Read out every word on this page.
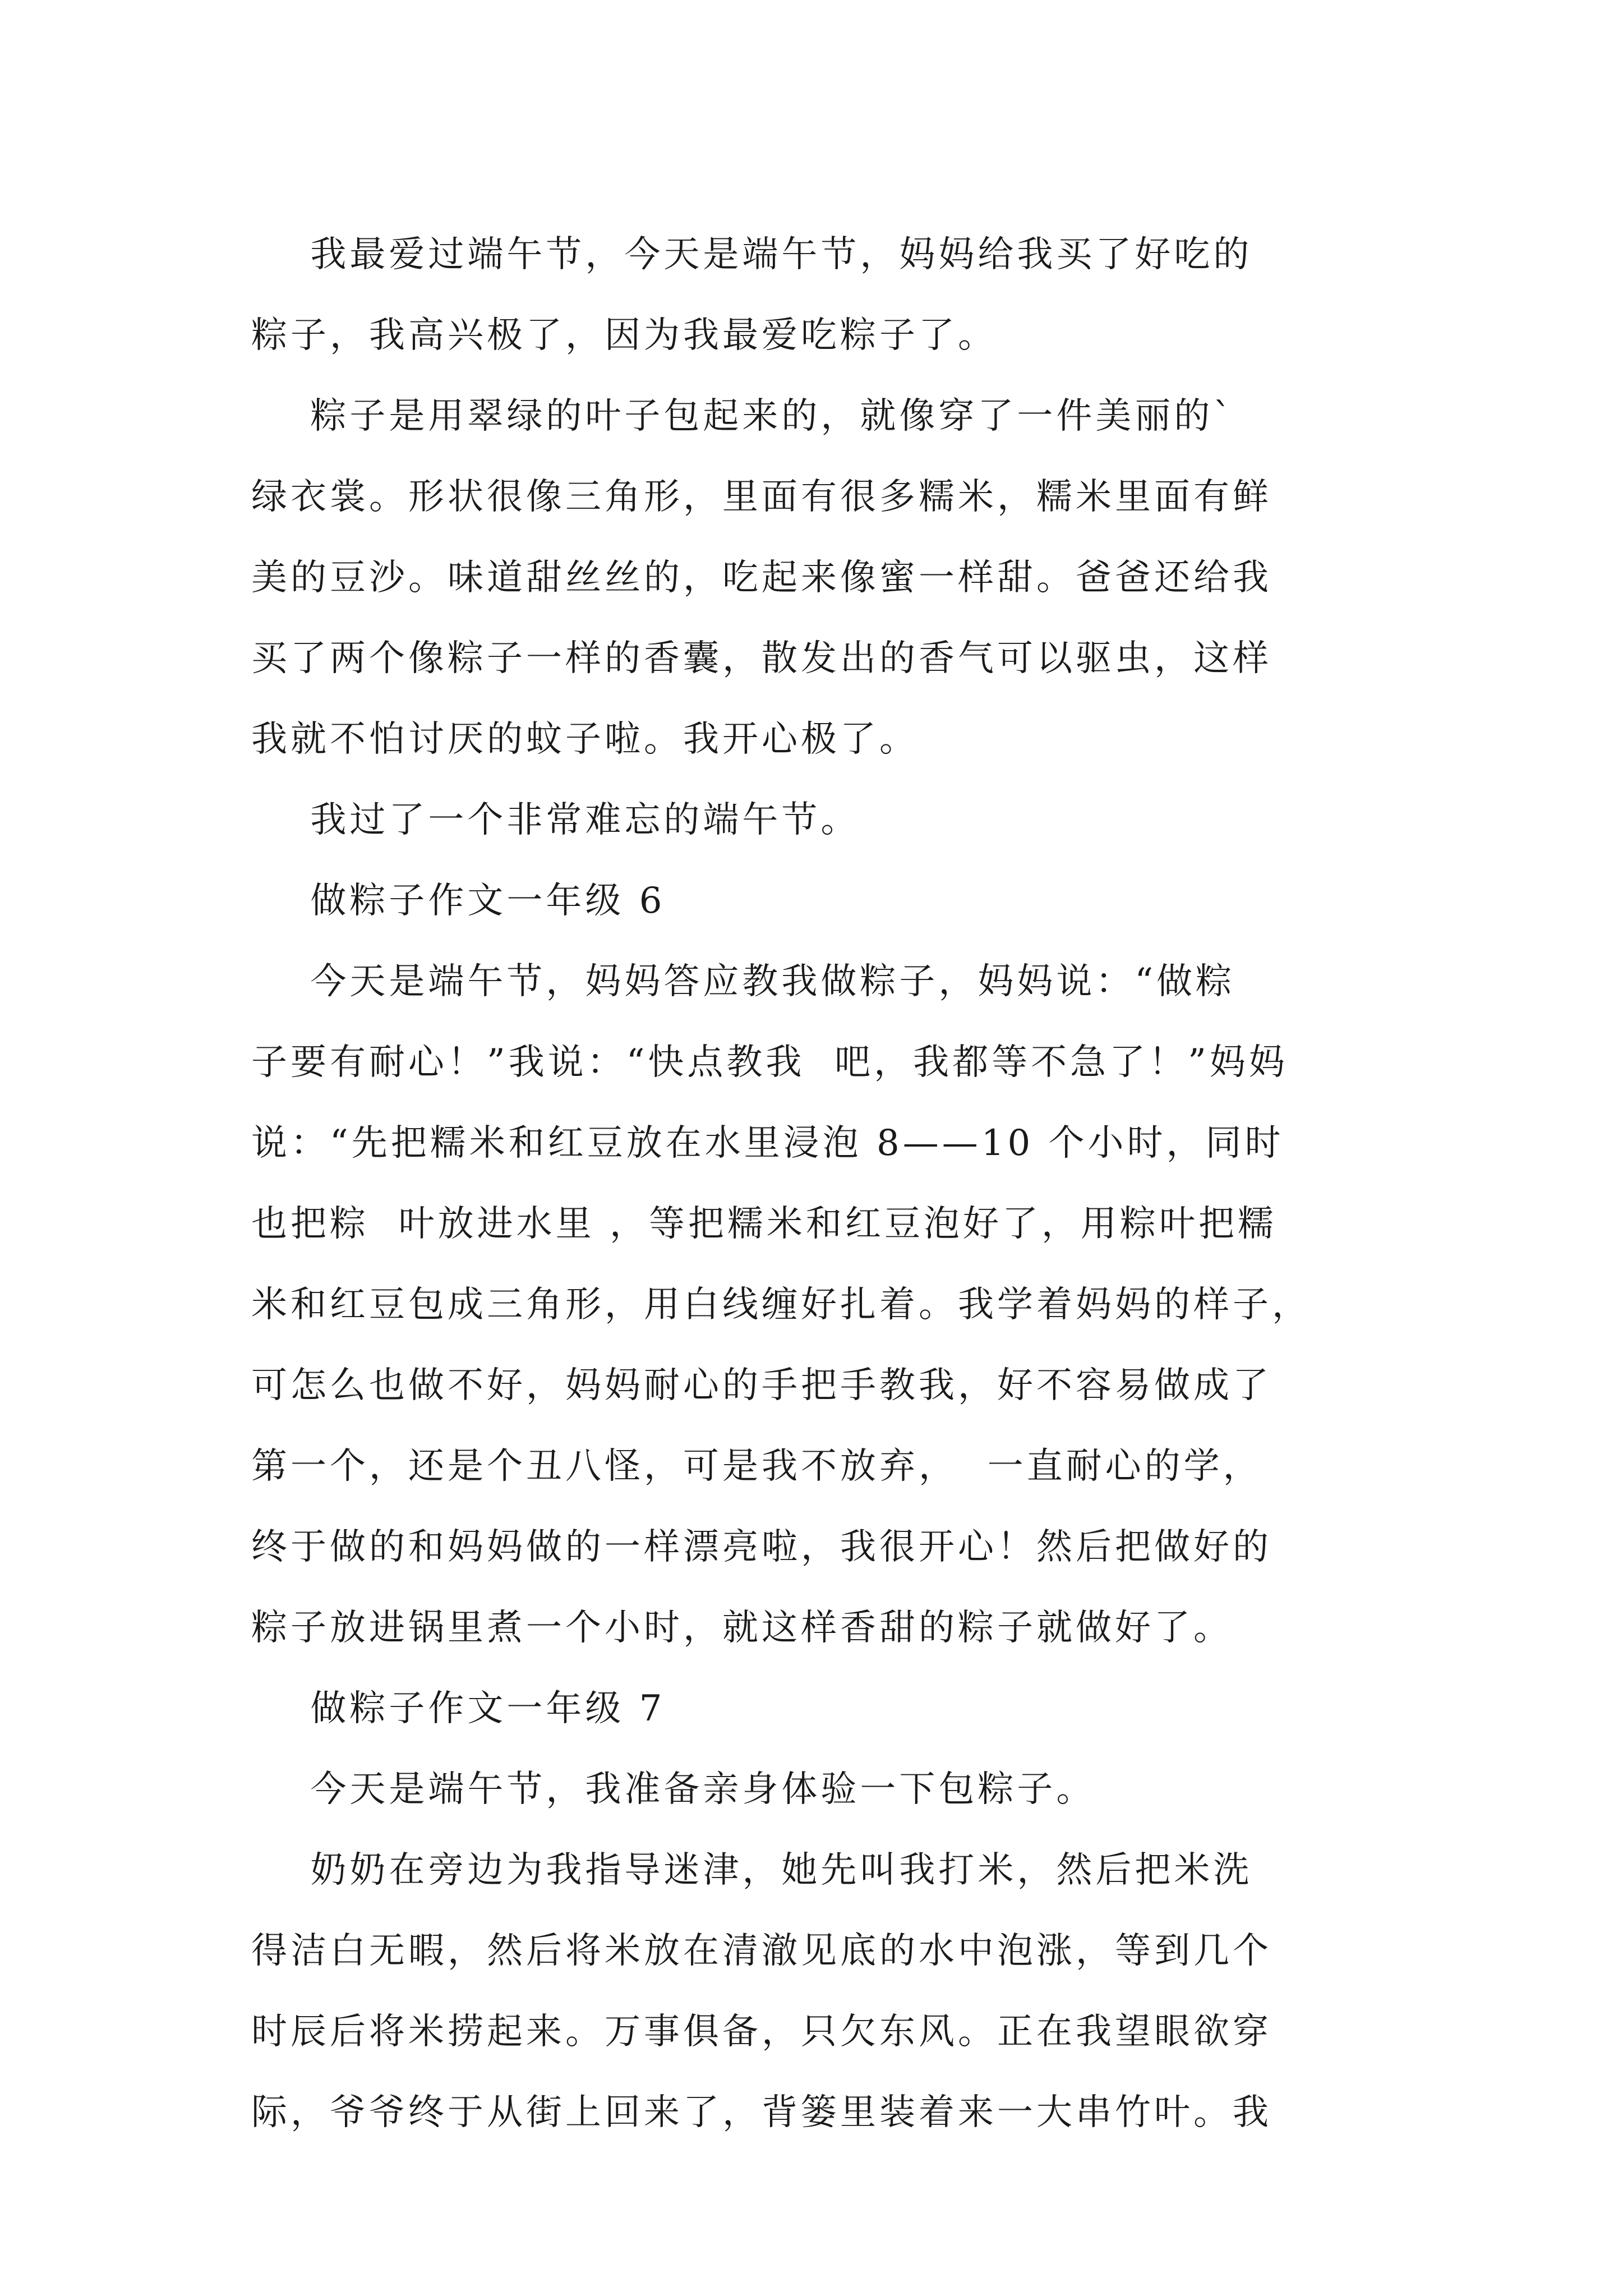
我最爱过端午节，今天是端午节，妈妈给我买了好吃的
粽子，我高兴极了，因为我最爱吃粽子了。
粽子是用翠绿的叶子包起来的，就像穿了一件美丽的`
绿衣裳。形状很像三角形，里面有很多糯米，糯米里面有鲜
美的豆沙。味道甜丝丝的，吃起来像蜜一样甜。爸爸还给我
买了两个像粽子一样的香囊，散发出的香气可以驱虫，这样
我就不怕讨厌的蚊子啦。我开心极了。
我过了一个非常难忘的端午节。
做粽子作文一年级 6
今天是端午节，妈妈答应教我做粽子，妈妈说：“做粽
子要有耐心！”我说：“快点教我  吧，我都等不急了！”妈妈
说：“先把糯米和红豆放在水里浸泡 8——10 个小时，同时
也把粽  叶放进水里 ，等把糯米和红豆泡好了，用粽叶把糯
米和红豆包成三角形，用白线缠好扎着。我学着妈妈的样子，
可怎么也做不好，妈妈耐心的手把手教我，好不容易做成了
第一个，还是个丑八怪，可是我不放弃，  一直耐心的学，
终于做的和妈妈做的一样漂亮啦，我很开心！然后把做好的
粽子放进锅里煮一个小时，就这样香甜的粽子就做好了。
做粽子作文一年级 7
今天是端午节，我准备亲身体验一下包粽子。
奶奶在旁边为我指导迷津，她先叫我打米，然后把米洗
得洁白无暇，然后将米放在清澈见底的水中泡涨，等到几个
时辰后将米捞起来。万事俱备，只欠东风。正在我望眼欲穿
际，爷爷终于从街上回来了，背篓里装着来一大串竹叶。我
